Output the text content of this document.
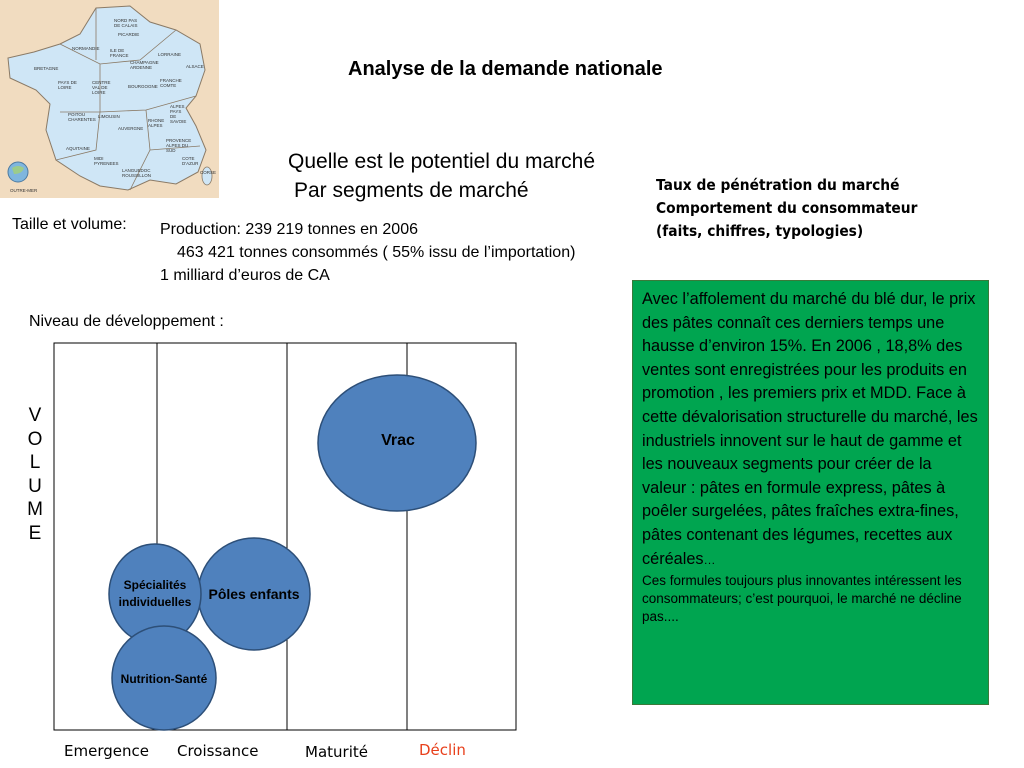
NORD PAS DE CALAIS
PICARDIE
NORMANDIE ILE DE FRANCE	LORRAINE
BRETAGNE
CHAMPAGNE ARDENNE	ALSACE
PAYS DE LOIRE
CENTRE VAL DE LOIRE
BOURGOGNE
FRANCHE COMTE
POITOU CHARENTES
LIMOUSIN
RHONE ALPES
ALPES PAYS DE SAVOIE
AUVERGNE
AQUITAINE
PROVENCE ALPES DU SUD
MIDI PYRENEES
COTE D'AZUR
LANGUEDOC ROUSSILLON
CORSE
OUTRE-MER
Analyse de la demande nationale
Quelle est le potentiel du marché
Par segments de marché	Taux de pénétration du marché
Comportement du consommateur
(faits, chiffres, typologies)
Taille et volume: Production: 239 219 tonnes en 2006
463 421 tonnes consommés ( 55% issu de l’importation)
1 milliard d’euros de CA
Niveau de développement :
V
O
L
U
M
E
Vrac
Pôles enfants
Spécialités
individuelles
Nutrition-Santé
Emergence Croissance	Maturité	Déclin
Avec l’affolement du marché du blé dur, le prix des pâtes connaît ces derniers temps une hausse d’environ 15%. En 2006 , 18,8% des ventes sont enregistrées pour les produits en promotion , les premiers prix et MDD. Face à cette dévalorisation structurelle du marché, les industriels innovent sur le haut de gamme et les nouveaux segments pour créer de la valeur : pâtes en formule express, pâtes à poêler surgelées, pâtes fraîches extra-fines, pâtes contenant des légumes, recettes aux céréales…
Ces formules toujours plus innovantes intéressent les consommateurs; c’est pourquoi, le marché ne décline pas....
